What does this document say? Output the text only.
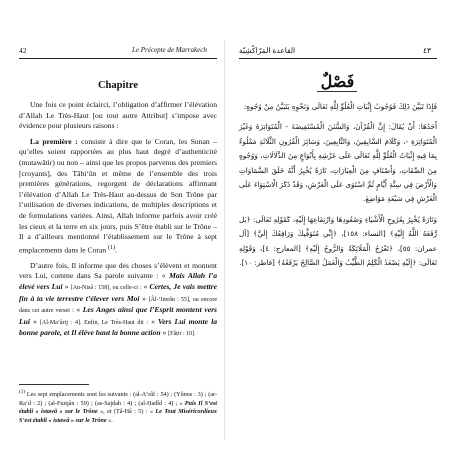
42	Le Précepte de Marrakech
Chapitre

Une fois ce point éclairci, l’obligation d’affirmer l’élévation d’Allah Le Très-Haut [ou tout autre Attribut] s’impose avec évidence pour plusieurs raisons :

La première : consiste à dire que le Coran, les Sunan – qu’elles soient rapportées au plus haut degré d’authenticité (mutawâtir) ou non – ainsi que les propos parvenus des premiers [croyants], des Tâbi‘ûn et même de l’ensemble des trois premières générations, regorgent de déclarations affirmant l’élévation d’Allah Le Très-Haut au-dessus de Son Trône par l’utilisation de diverses indications, de multiples descriptions et de formulations variées. Ainsi, Allah informe parfois avoir créé les cieux et la terre en six jours, puis S’être établi sur le Trône – Il a d’ailleurs mentionné l’établissement sur le Trône à sept emplacements dans le Coran $^{(1)}$.

D’autre fois, Il informe que des choses s’élèvent et montent vers Lui, comme dans Sa parole suivante : « Mais Allah l’a élevé vers Lui » [An-Nisâ : 158], ou celle-ci : « Certes, Je vais mettre fin à ta vie terrestre t’élever vers Moi » [Âl-‘Imrân : 55], ou encore dans cet autre verset : « Les Anges ainsi que l’Esprit montent vers Lui » [Al-Ma‘ârij : 4]. Enfin, Le Très-Haut dit : « Vers Lui monte la bonne parole, et Il élève haut la bonne action » [Fâṭir : 10].

$^{(1)}$ Les sept emplacements sont les suivants : (al-A‘râf : 54) ; (Yûnus : 3) ; (ar-Ra‘d : 2) ; (al-Furqân : 59) ; (as-Sajdah : 4) ; (al-Ḥadîd : 4) ; « Puis Il S’est établi « istawâ » sur le Trône », et (Ṭâ-Hâ : 5) : « Le Tout Miséricordieux S’est établi « istawâ » sur le Trône ».
٤٣
القاعدة المَرّاكُشِيّة
فَصْلٌ

فَإِذَا تَبَيَّنَ ذَلِكَ فَوُجُوبُ إِثْبَاتِ الْعُلُوِّ لِلَّهِ تَعَالَى وَنَحْوِهِ يَتَبَيَّنُ مِنْ وُجُوهٍ:

أَحَدُهَا: أَنْ يُقَالَ: إِنَّ الْقُرْآنَ، وَالسُّنَنَ الْمُسْتَفِيضَةَ - الْمُتَوَاتِرَةَ وَغَيْرَ الْمُتَوَاتِرَةِ -، وَكَلَامَ السَّابِقِينَ، وَالتَّابِعِينَ، وَسَائِرَ الْقُرُونِ الثَّلَاثَةِ مَمْلُوءٌ بِمَا فِيهِ إِثْبَاتُ الْعُلُوِّ لِلَّهِ تَعَالَى عَلَى عَرْشِهِ بِأَنْوَاعٍ مِنَ الدَّلَالَاتِ، وَوُجُوهٍ مِنَ الصِّفَاتِ، وَأَصْنَافٍ مِنَ الْعِبَارَاتِ، تَارَةً يُخْبِرُ أَنَّهُ خَلَقَ السَّمَاوَاتِ وَالْأَرْضَ فِي سِتَّةِ أَيَّامٍ ثُمَّ اسْتَوَى عَلَى الْعَرْشِ، وَقَدْ ذَكَرَ الْاسْتِوَاءَ عَلَى الْعَرْشِ فِي سَبْعَةِ مَوَاضِعَ.

وَتَارَةً يُخْبِرُ بِعُرُوجِ الْأَشْيَاءِ وَصُعُودِهَا وَارْتِفَاعِهَا إِلَيْهِ، كَقَوْلِهِ تَعَالَى: ﴿بَل رَّفَعَهُ اللَّهُ إِلَيْهِ﴾ [النساء: ١٥٨]، ﴿إِنِّي مُتَوَفِّيكَ وَرَافِعُكَ إِلَيَّ﴾ [آل عمران: ٥٥]، ﴿تَعْرُجُ الْمَلَائِكَةُ وَالرُّوحُ إِلَيْهِ﴾ [المعارج: ٤]، وَقَوْلِهِ تَعَالَى: ﴿إِلَيْهِ يَصْعَدُ الْكَلِمُ الطَّيِّبُ وَالْعَمَلُ الصَّالِحُ يَرْفَعُهُ﴾ [فاطر: ١٠].
